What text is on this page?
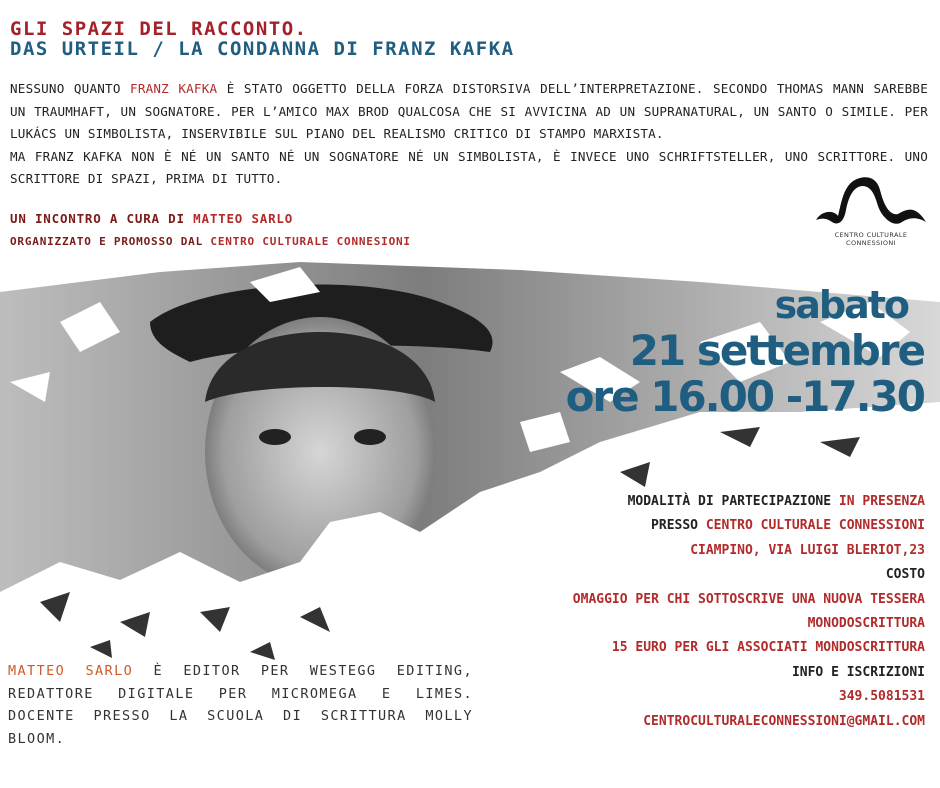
GLI SPAZI DEL RACCONTO.
DAS URTEIL / LA CONDANNA DI FRANZ KAFKA
NESSUNO QUANTO FRANZ KAFKA È STATO OGGETTO DELLA FORZA DISTORSIVA DELL’INTERPRETAZIONE. SECONDO THOMAS MANN SAREBBE UN TRAUMHAFT, UN SOGNATORE. PER L’AMICO MAX BROD QUALCOSA CHE SI AVVICINA AD UN SUPRANATURAL, UN SANTO O SIMILE. PER LUKÁCS UN SIMBOLISTA, INSERVIBILE SUL PIANO DEL REALISMO CRITICO DI STAMPO MARXISTA.
MA FRANZ KAFKA NON È NÉ UN SANTO NÉ UN SOGNATORE NÉ UN SIMBOLISTA, È INVECE UNO SCHRIFTSTELLER, UNO SCRITTORE. UNO SCRITTORE DI SPAZI, PRIMA DI TUTTO.
UN INCONTRO A CURA DI MATTEO SARLO
ORGANIZZATO E PROMOSSO DAL CENTRO CULTURALE CONNESIONI	CENTRO CULTURALE CONNESSIONI
sabato
21 settembre
ore 16.00 -17.30
MODALITÀ DI PARTECIPAZIONE IN PRESENZA
PRESSO CENTRO CULTURALE CONNESSIONI
CIAMPINO, VIA LUIGI BLERIOT,23
COSTO
OMAGGIO PER CHI SOTTOSCRIVE UNA NUOVA TESSERA
MONODOSCRITTURA
15 EURO PER GLI ASSOCIATI MONDOSCRITTURA
INFO E ISCRIZIONI
349.5081531
CENTROCULTURALECONNESSIONI@GMAIL.COM
MATTEO SARLO È EDITOR PER WESTEGG EDITING, REDATTORE DIGITALE PER MICROMEGA E LIMES. DOCENTE PRESSO LA SCUOLA DI SCRITTURA MOLLY BLOOM.
